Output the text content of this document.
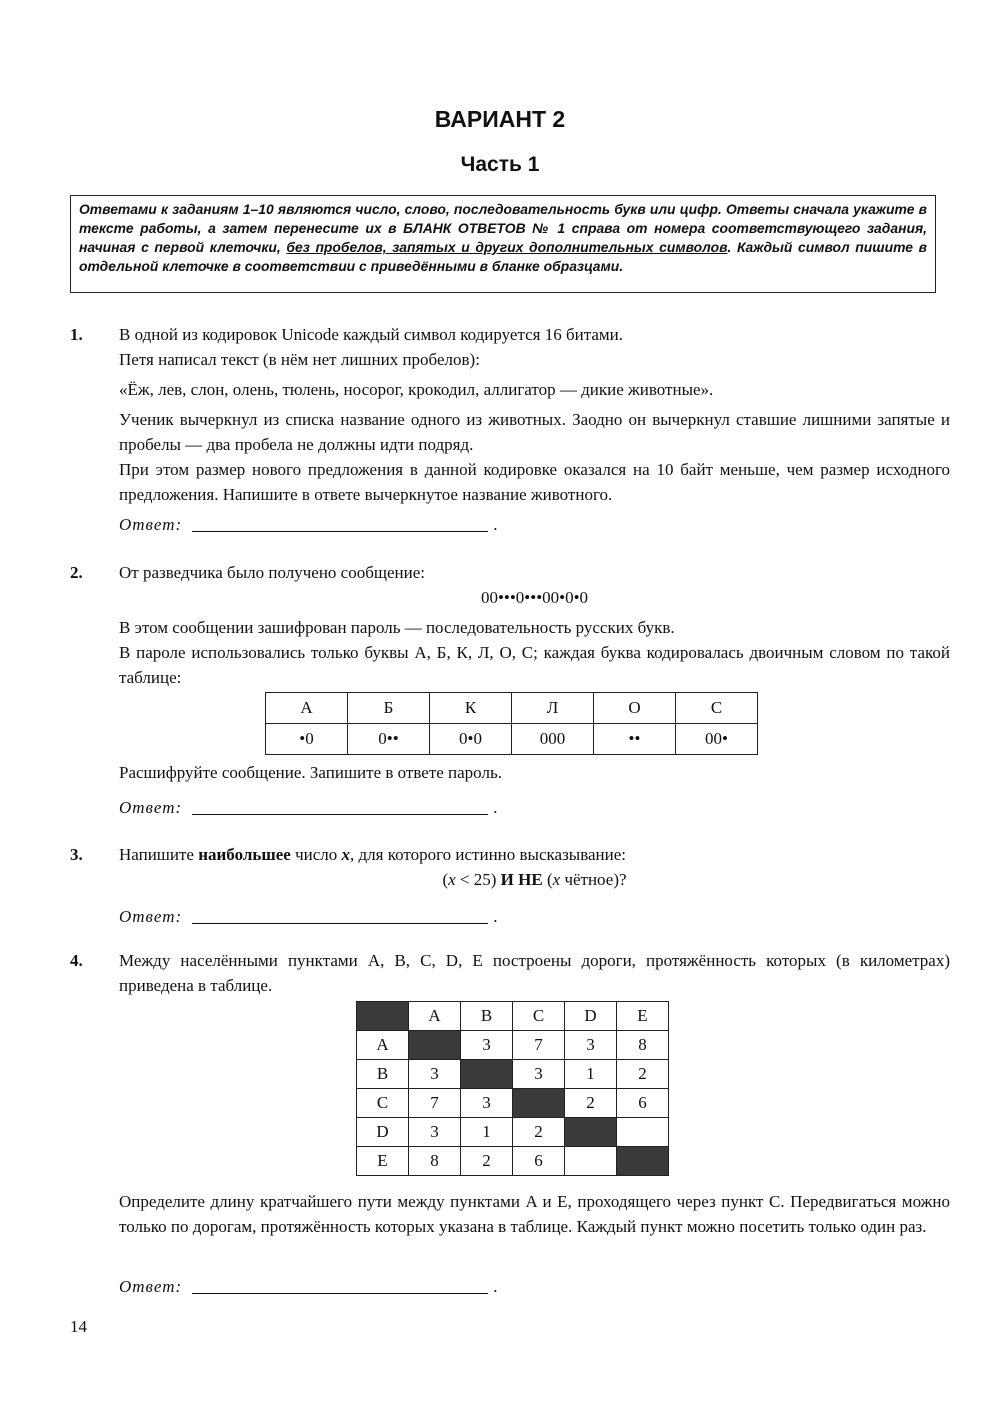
ВАРИАНТ 2
Часть 1
Ответами к заданиям 1–10 являются число, слово, последовательность букв или цифр. Ответы сначала укажите в тексте работы, а затем перенесите их в БЛАНК ОТВЕТОВ № 1 справа от номера соответствующего задания, начиная с первой клеточки, без пробелов, запятых и других дополнительных символов. Каждый символ пишите в отдельной клеточке в соответствии с приведёнными в бланке образцами.
1. В одной из кодировок Unicode каждый символ кодируется 16 битами.

Петя написал текст (в нём нет лишних пробелов):

«Ёж, лев, слон, олень, тюлень, носорог, крокодил, аллигатор — дикие животные».

Ученик вычеркнул из списка название одного из животных. Заодно он вычеркнул ставшие лишними запятые и пробелы — два пробела не должны идти подряд.

При этом размер нового предложения в данной кодировке оказался на 10 байт меньше, чем размер исходного предложения. Напишите в ответе вычеркнутое название животного.

Ответ:	.
2. От разведчика было получено сообщение:

00•••0•••00•0•0

В этом сообщении зашифрован пароль — последовательность русских букв.

В пароле использовались только буквы А, Б, К, Л, О, С; каждая буква кодировалась двоичным словом по такой таблице:

А	Б	К	Л	О	С
•0	0••	0•0	000	••	00•

Расшифруйте сообщение. Запишите в ответе пароль.

Ответ:	.
3. Напишите наибольшее число x, для которого истинно высказывание:

(x < 25) И НЕ (x чётное)?

Ответ:	.
4. Между населёнными пунктами A, B, C, D, E построены дороги, протяжённость которых (в километрах) приведена в таблице.

	A	B	C	D	E
A		3	7	3	8
B	3		3	1	2
C	7	3		2	6
D	3	1	2		
E	8	2	6		

Определите длину кратчайшего пути между пунктами A и E, проходящего через пункт C. Передвигаться можно только по дорогам, протяжённость которых указана в таблице. Каждый пункт можно посетить только один раз.

Ответ:	.
14
